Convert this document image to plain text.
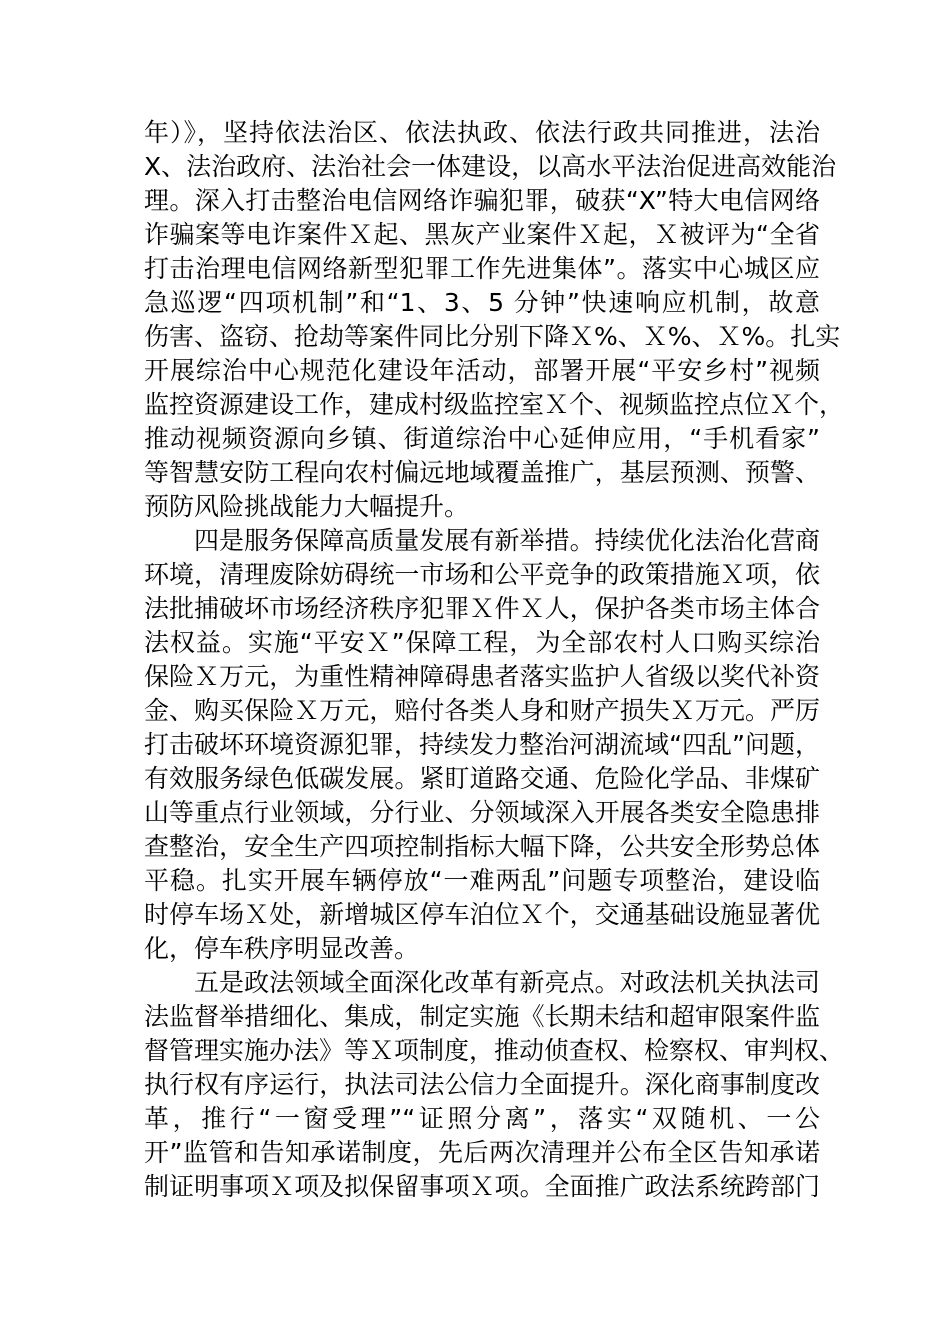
年）》，坚持依法治区、依法执政、依法行政共同推进，法治
X、法治政府、法治社会一体建设，以高水平法治促进高效能治
理。深入打击整治电信网络诈骗犯罪，破获“X”特大电信网络
诈骗案等电诈案件Ｘ起、黑灰产业案件Ｘ起，Ｘ被评为“全省
打击治理电信网络新型犯罪工作先进集体”。落实中心城区应
急巡逻“四项机制”和“1、3、5 分钟”快速响应机制，故意
伤害、盗窃、抢劫等案件同比分别下降Ｘ%、Ｘ%、Ｘ%。扎实
开展综治中心规范化建设年活动，部署开展“平安乡村”视频
监控资源建设工作，建成村级监控室Ｘ个、视频监控点位Ｘ个，
推动视频资源向乡镇、街道综治中心延伸应用，“手机看家”
等智慧安防工程向农村偏远地域覆盖推广，基层预测、预警、
预防风险挑战能力大幅提升。
四是服务保障高质量发展有新举措。持续优化法治化营商
环境，清理废除妨碍统一市场和公平竞争的政策措施Ｘ项，依
法批捕破坏市场经济秩序犯罪Ｘ件Ｘ人，保护各类市场主体合
法权益。实施“平安Ｘ”保障工程，为全部农村人口购买综治
保险Ｘ万元，为重性精神障碍患者落实监护人省级以奖代补资
金、购买保险Ｘ万元，赔付各类人身和财产损失Ｘ万元。严厉
打击破坏环境资源犯罪，持续发力整治河湖流域“四乱”问题，
有效服务绿色低碳发展。紧盯道路交通、危险化学品、非煤矿
山等重点行业领域，分行业、分领域深入开展各类安全隐患排
查整治，安全生产四项控制指标大幅下降，公共安全形势总体
平稳。扎实开展车辆停放“一难两乱”问题专项整治，建设临
时停车场Ｘ处，新增城区停车泊位Ｘ个，交通基础设施显著优
化，停车秩序明显改善。
五是政法领域全面深化改革有新亮点。对政法机关执法司
法监督举措细化、集成，制定实施《长期未结和超审限案件监
督管理实施办法》等Ｘ项制度，推动侦查权、检察权、审判权、
执行权有序运行，执法司法公信力全面提升。深化商事制度改
革，推行“一窗受理”“证照分离”，落实“双随机、一公
开”监管和告知承诺制度，先后两次清理并公布全区告知承诺
制证明事项Ｘ项及拟保留事项Ｘ项。全面推广政法系统跨部门
